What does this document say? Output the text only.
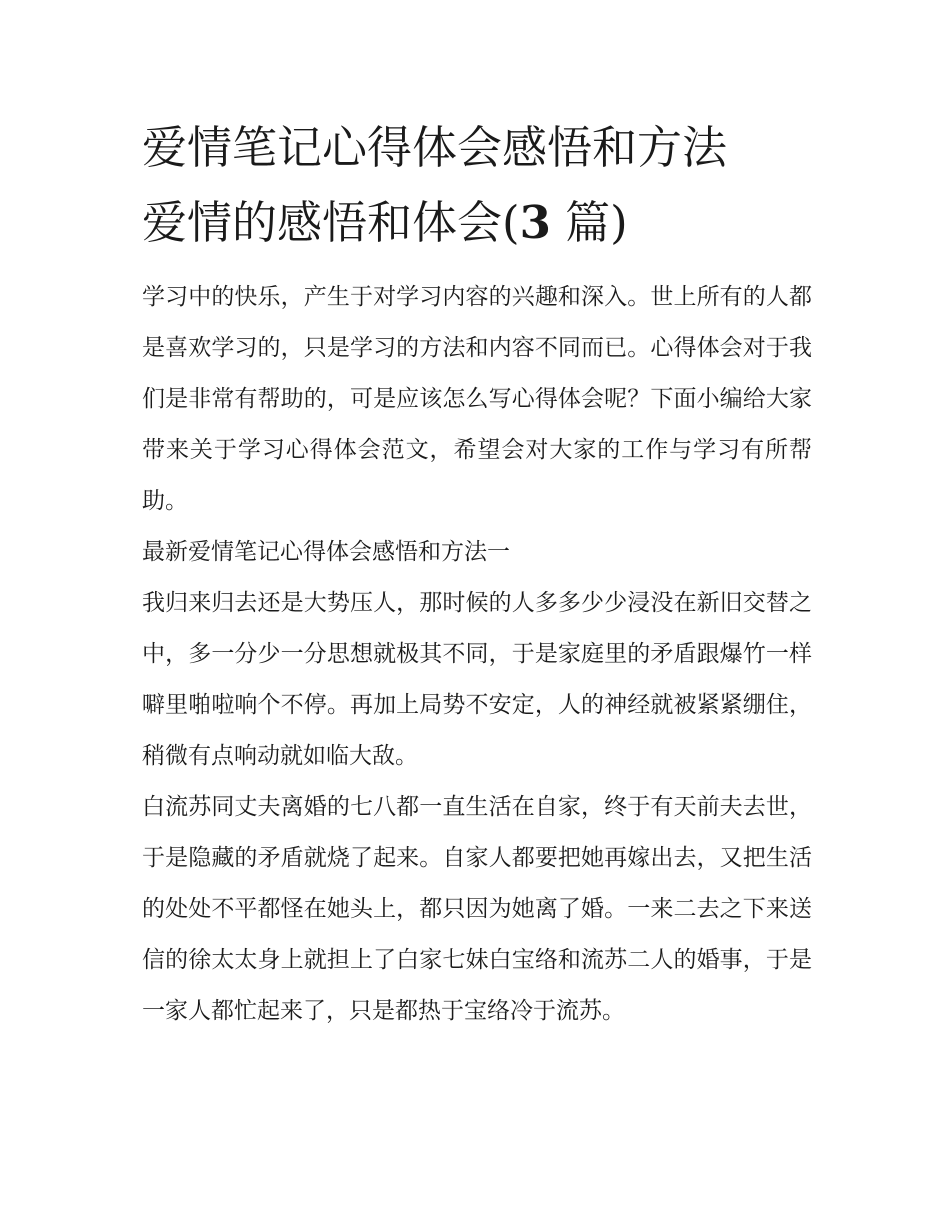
爱情笔记心得体会感悟和方法
爱情的感悟和体会(3 篇)

学习中的快乐，产生于对学习内容的兴趣和深入。世上所有的人都是喜欢学习的，只是学习的方法和内容不同而已。心得体会对于我们是非常有帮助的，可是应该怎么写心得体会呢？下面小编给大家带来关于学习心得体会范文，希望会对大家的工作与学习有所帮助。

最新爱情笔记心得体会感悟和方法一

我归来归去还是大势压人，那时候的人多多少少浸没在新旧交替之中，多一分少一分思想就极其不同，于是家庭里的矛盾跟爆竹一样噼里啪啦响个不停。再加上局势不安定，人的神经就被紧紧绷住，稍微有点响动就如临大敌。

白流苏同丈夫离婚的七八都一直生活在自家，终于有天前夫去世，于是隐藏的矛盾就烧了起来。自家人都要把她再嫁出去，又把生活的处处不平都怪在她头上，都只因为她离了婚。一来二去之下来送信的徐太太身上就担上了白家七妹白宝络和流苏二人的婚事，于是一家人都忙起来了，只是都热于宝络冷于流苏。
